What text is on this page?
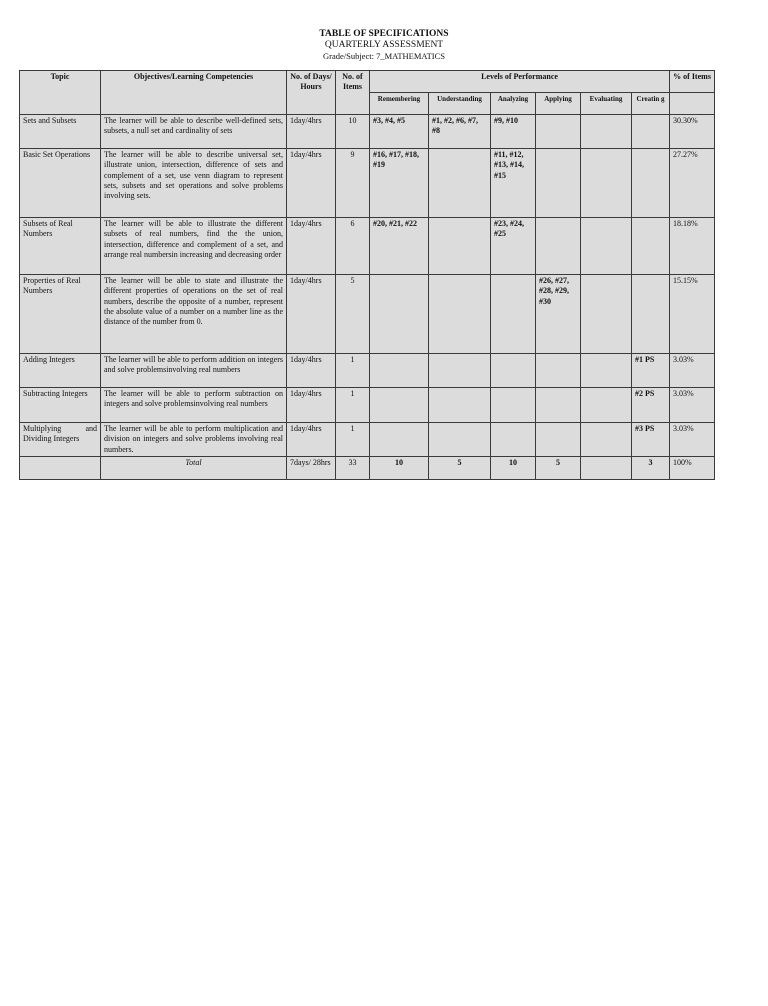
TABLE OF SPECIFICATIONS
QUARTERLY ASSESSMENT
Grade/Subject: 7_MATHEMATICS
Topic	Objectives/Learning Competencies	No. of Days/ Hours	No. of Items	Levels of Performance						% of Items
				Remembering	Understanding	Analyzing	Applying	Evaluating	Creatin g	
Sets and Subsets	The learner will be able to describe well-defined sets, subsets, a null set and cardinality of sets	1day/4hrs	10	#3, #4, #5	#1, #2, #6, #7, #8	#9, #10				30.30%
Basic Set Operations	The learner will be able to describe universal set, illustrate union, intersection, difference of sets and complement of a set, use venn diagram to represent sets, subsets and set operations and solve problems involving sets.	1day/4hrs	9	#16, #17, #18, #19		#11, #12, #13, #14, #15				27.27%
Subsets of Real Numbers	The learner will be able to illustrate the different subsets of real numbers, find the the union, intersection, difference and complement of a set, and arrange real numbersin increasing and decreasing order	1day/4hrs	6	#20, #21, #22		#23, #24, #25				18.18%
Properties of Real Numbers	The learner will be able to state and illustrate the different properties of operations on the set of real numbers, describe the opposite of a number, represent the absolute value of a number on a number line as the distance of the number from 0.	1day/4hrs	5				#26, #27, #28, #29, #30			15.15%
Adding Integers	The learner will be able to perform addition on integers and solve problemsinvolving real numbers	1day/4hrs	1						#1 PS	3.03%
Subtracting Integers	The learner will be able to perform subtraction on integers and solve problemsinvolving real numbers	1day/4hrs	1						#2 PS	3.03%
Multiplying and Dividing Integers	The learner will be able to perform multiplication and division on integers and solve problems involving real numbers.	1day/4hrs	1						#3 PS	3.03%
	Total	7days/ 28hrs	33	10	5	10	5		3	100%
